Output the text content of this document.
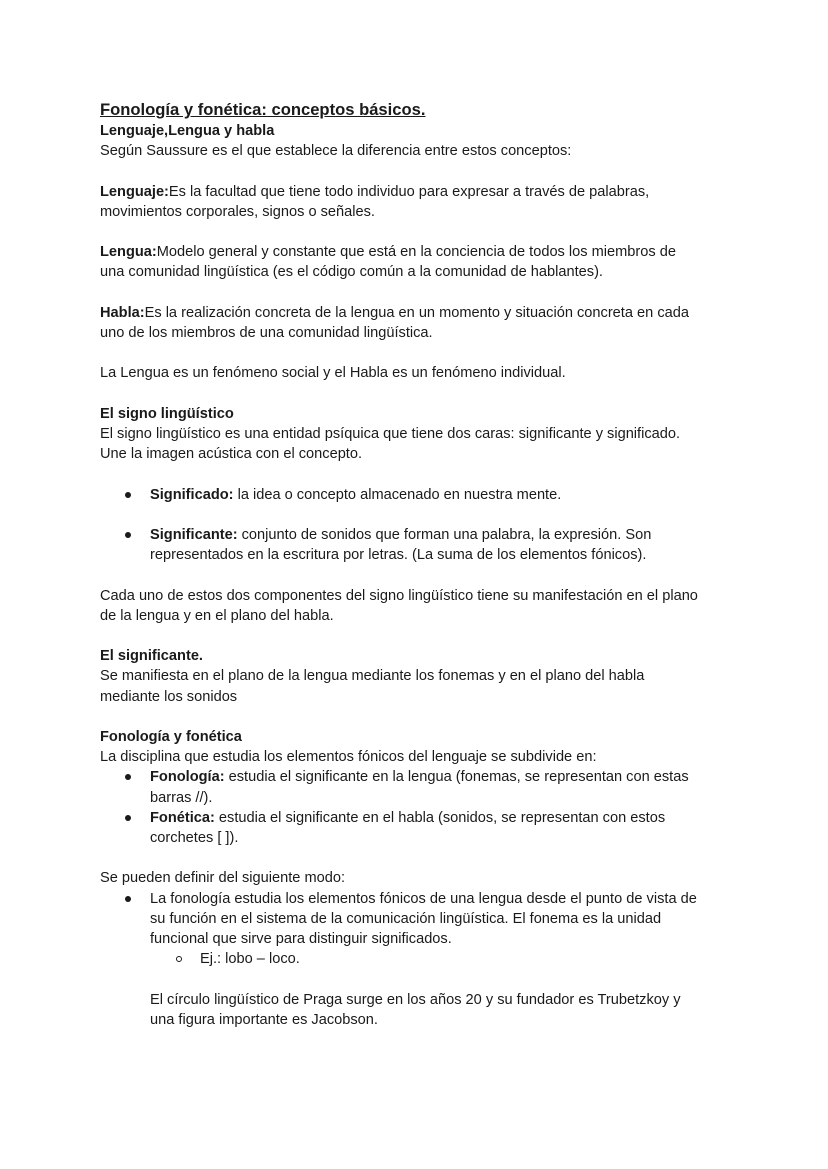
Fonología y fonética: conceptos básicos.

Lenguaje,Lengua y habla

Según Saussure es el que establece la diferencia entre estos conceptos:

Lenguaje:Es la facultad que tiene todo individuo para expresar a través de palabras,

movimientos corporales, signos o señales.

Lengua:Modelo general y constante que está en la conciencia de todos los miembros de

una comunidad lingüística (es el código común a la comunidad de hablantes).

Habla:Es la realización concreta de la lengua en un momento y situación concreta en cada

uno de los miembros de una comunidad lingüística.

La Lengua es un fenómeno social y el Habla es un fenómeno individual.

El signo lingüístico

El signo lingüístico es una entidad psíquica que tiene dos caras: significante y significado.

Une la imagen acústica con el concepto.

Significado: la idea o concepto almacenado en nuestra mente.
Significante: conjunto de sonidos que forman una palabra, la expresión. Son
representados en la escritura por letras. (La suma de los elementos fónicos).

Cada uno de estos dos componentes del signo lingüístico tiene su manifestación en el plano

de la lengua y en el plano del habla.

El significante.

Se manifiesta en el plano de la lengua mediante los fonemas y en el plano del habla

mediante los sonidos

Fonología y fonética

La disciplina que estudia los elementos fónicos del lenguaje se subdivide en:

Fonología: estudia el significante en la lengua (fonemas, se representan con estas
barras //).
Fonética: estudia el significante en el habla (sonidos, se representan con estos
corchetes [ ]).

Se pueden definir del siguiente modo:

La fonología estudia los elementos fónicos de una lengua desde el punto de vista de
su función en el sistema de la comunicación lingüística. El fonema es la unidad
funcional que sirve para distinguir significados.
Ej.: lobo – loco.

El círculo lingüístico de Praga surge en los años 20 y su fundador es Trubetzkoy y

una figura importante es Jacobson.
